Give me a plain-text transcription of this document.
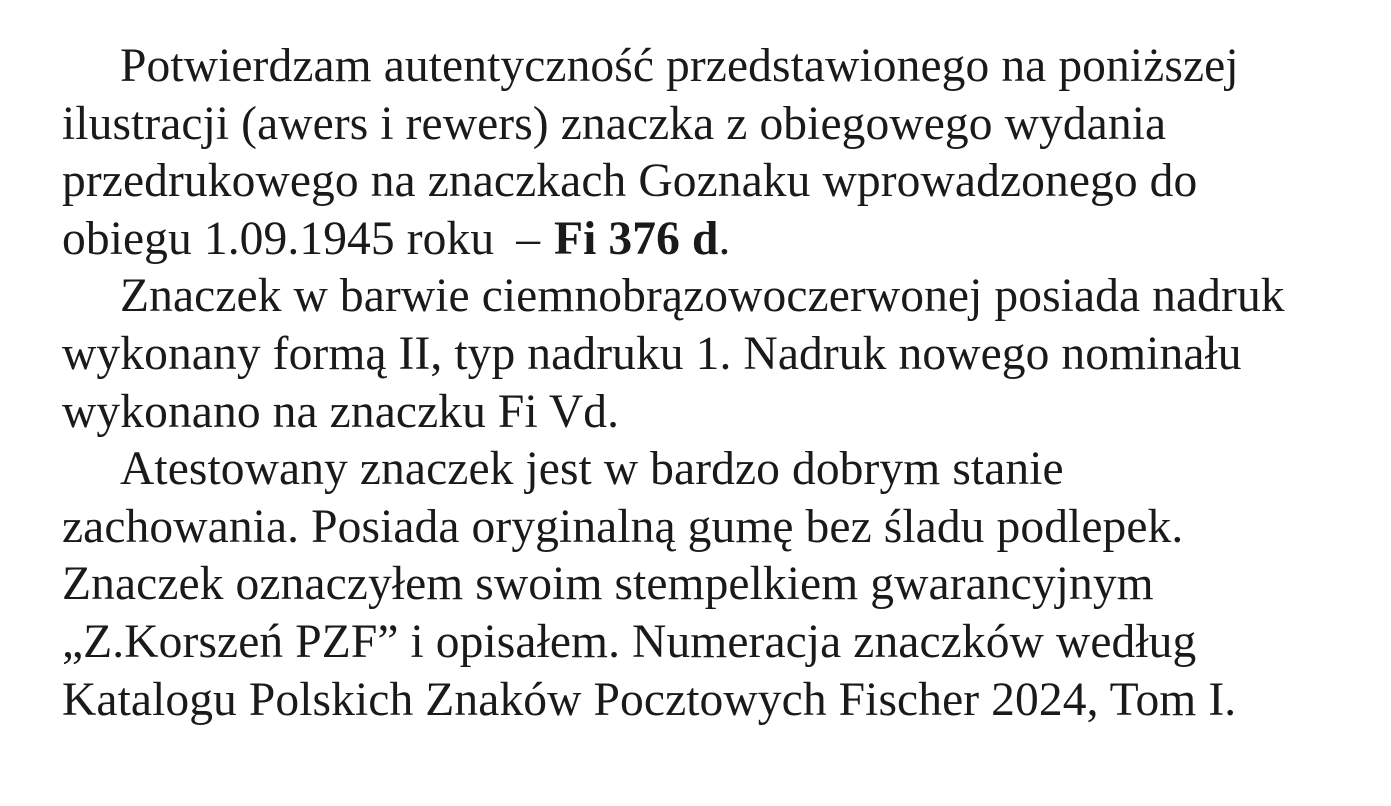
Potwierdzam autentyczność przedstawionego na poniższej
ilustracji (awers i rewers) znaczka z obiegowego wydania
przedrukowego na znaczkach Goznaku wprowadzonego do
obiegu 1.09.1945 roku – Fi 376 d.
Znaczek w barwie ciemnobrązowoczerwonej posiada nadruk
wykonany formą II, typ nadruku 1. Nadruk nowego nominału
wykonano na znaczku Fi Vd.
Atestowany znaczek jest w bardzo dobrym stanie
zachowania. Posiada oryginalną gumę bez śladu podlepek.
Znaczek oznaczyłem swoim stempelkiem gwarancyjnym
„Z.Korszeń PZF” i opisałem. Numeracja znaczków według
Katalogu Polskich Znaków Pocztowych Fischer 2024, Tom I.
